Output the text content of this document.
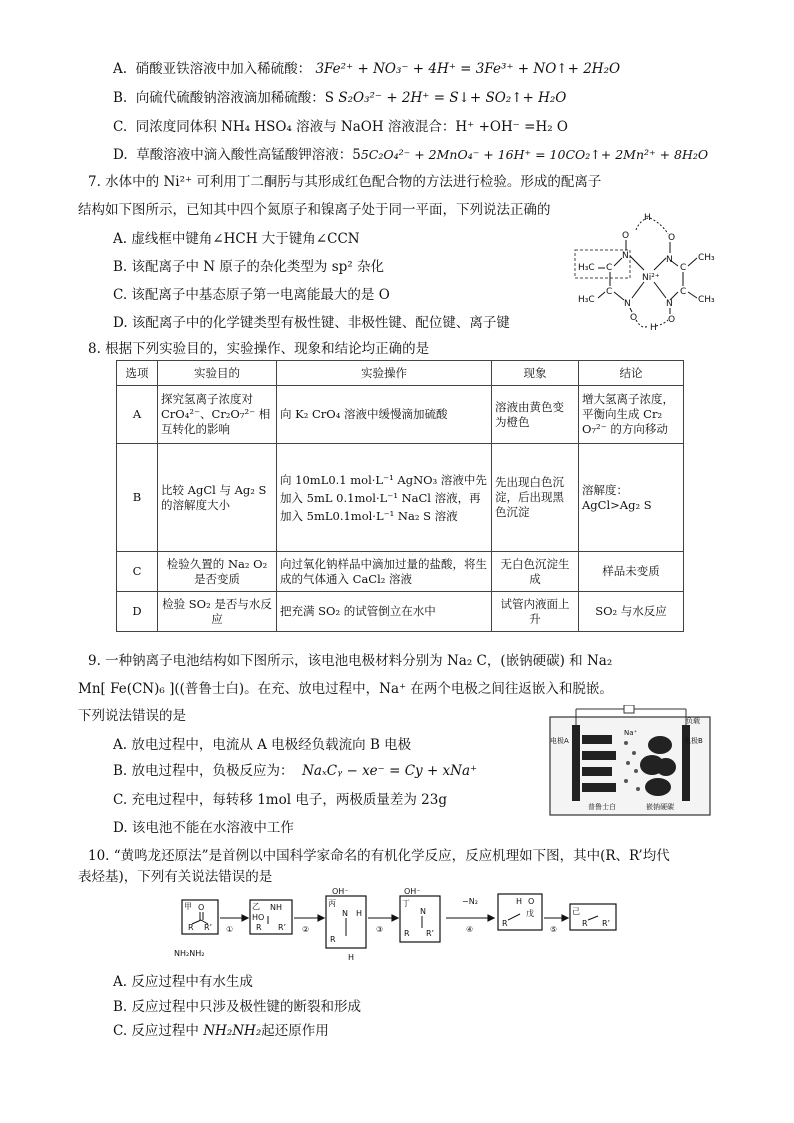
A. 硝酸亚铁溶液中加入稀硫酸： 3Fe²⁺ + NO₃⁻ + 4H⁺ = 3Fe³⁺ + NO↑+ 2H₂O
B. 向硫代硫酸钠溶液滴加稀硫酸：S S₂O₃²⁻ + 2H⁺ = S↓+ SO₂↑+ H₂O
C. 同浓度同体积 NH₄ HSO₄ 溶液与 NaOH 溶液混合：H⁺ +OH⁻ =H₂ O
D. 草酸溶液中滴入酸性高锰酸钾溶液：55C₂O₄²⁻ + 2MnO₄⁻ + 16H⁺ = 10CO₂↑+ 2Mn²⁺ + 8H₂O
7. 水体中的 Ni²⁺ 可利用丁二酮肟与其形成红色配合物的方法进行检验。形成的配离子
结构如下图所示，已知其中四个氮原子和镍离子处于同一平面，下列说法正确的
A. 虚线框中键角∠HCH 大于键角∠CCN
B. 该配离子中 N 原子的杂化类型为 sp² 杂化
C. 该配离子中基态原子第一电离能最大的是 O
D. 该配离子中的化学键类型有极性键、非极性键、配位键、离子键
H
O	O
N	N
H₃C C
Ni²⁺
C
CH₃
H₃C
C	C
CH₃
N	N
O	O
H
8. 根据下列实验目的，实验操作、现象和结论均正确的是
选项	实验目的	实验操作	现象	结论
A	探究氢离子浓度对 CrO₄²⁻、Cr₂O₇²⁻ 相互转化的影响	向 K₂ CrO₄ 溶液中缓慢滴加硫酸	溶液由黄色变为橙色	增大氢离子浓度，平衡向生成 Cr₂ O₇²⁻ 的方向移动
B	比较 AgCl 与 Ag₂ S 的溶解度大小	向 10mL0.1 mol·L⁻¹ AgNO₃ 溶液中先加入 5mL 0.1mol·L⁻¹ NaCl 溶液，再加入 5mL0.1mol·L⁻¹ Na₂ S 溶液	先出现白色沉淀，后出现黑色沉淀	溶解度：AgCl>Ag₂ S
C	检验久置的 Na₂ O₂ 是否变质	向过氧化钠样品中滴加过量的盐酸，将生成的气体通入 CaCl₂ 溶液	无白色沉淀生成	样品未变质
D	检验 SO₂ 是否与水反应	把充满 SO₂ 的试管倒立在水中	试管内液面上升	SO₂ 与水反应
9. 一种钠离子电池结构如下图所示，该电池电极材料分别为 Na₂ C，(嵌钠硬碳) 和 Na₂
Mn[ Fe(CN)₆ ]((普鲁士白)。在充、放电过程中，Na⁺ 在两个电极之间往返嵌入和脱嵌。
下列说法错误的是
A. 放电过程中，电流从 A 电极经负载流向 B 电极
B. 放电过程中，负极反应为： NaₓCᵧ − xe⁻ = Cy + xNa⁺
C. 充电过程中，每转移 1mol 电子，两极质量差为 23g
D. 该电池不能在水溶液中工作
电极A	电极B
负载
Na⁺
普鲁士白	嵌钠硬碳
10. “黄鸣龙还原法”是首例以中国科学家命名的有机化学反应，反应机理如下图，其中(R、R’均代
表烃基)，下列有关说法错误的是
甲 O
R R’
NH₂NH₂
乙 NH
HO
R R’
丙
OH⁻
N H
R
H
丁
OH⁻
N
R R’
−N₂
戊
H O
R
己
R R’
①	②	③	④	⑤
A. 反应过程中有水生成
B. 反应过程中只涉及极性键的断裂和形成
C. 反应过程中 NH₂NH₂起还原作用
